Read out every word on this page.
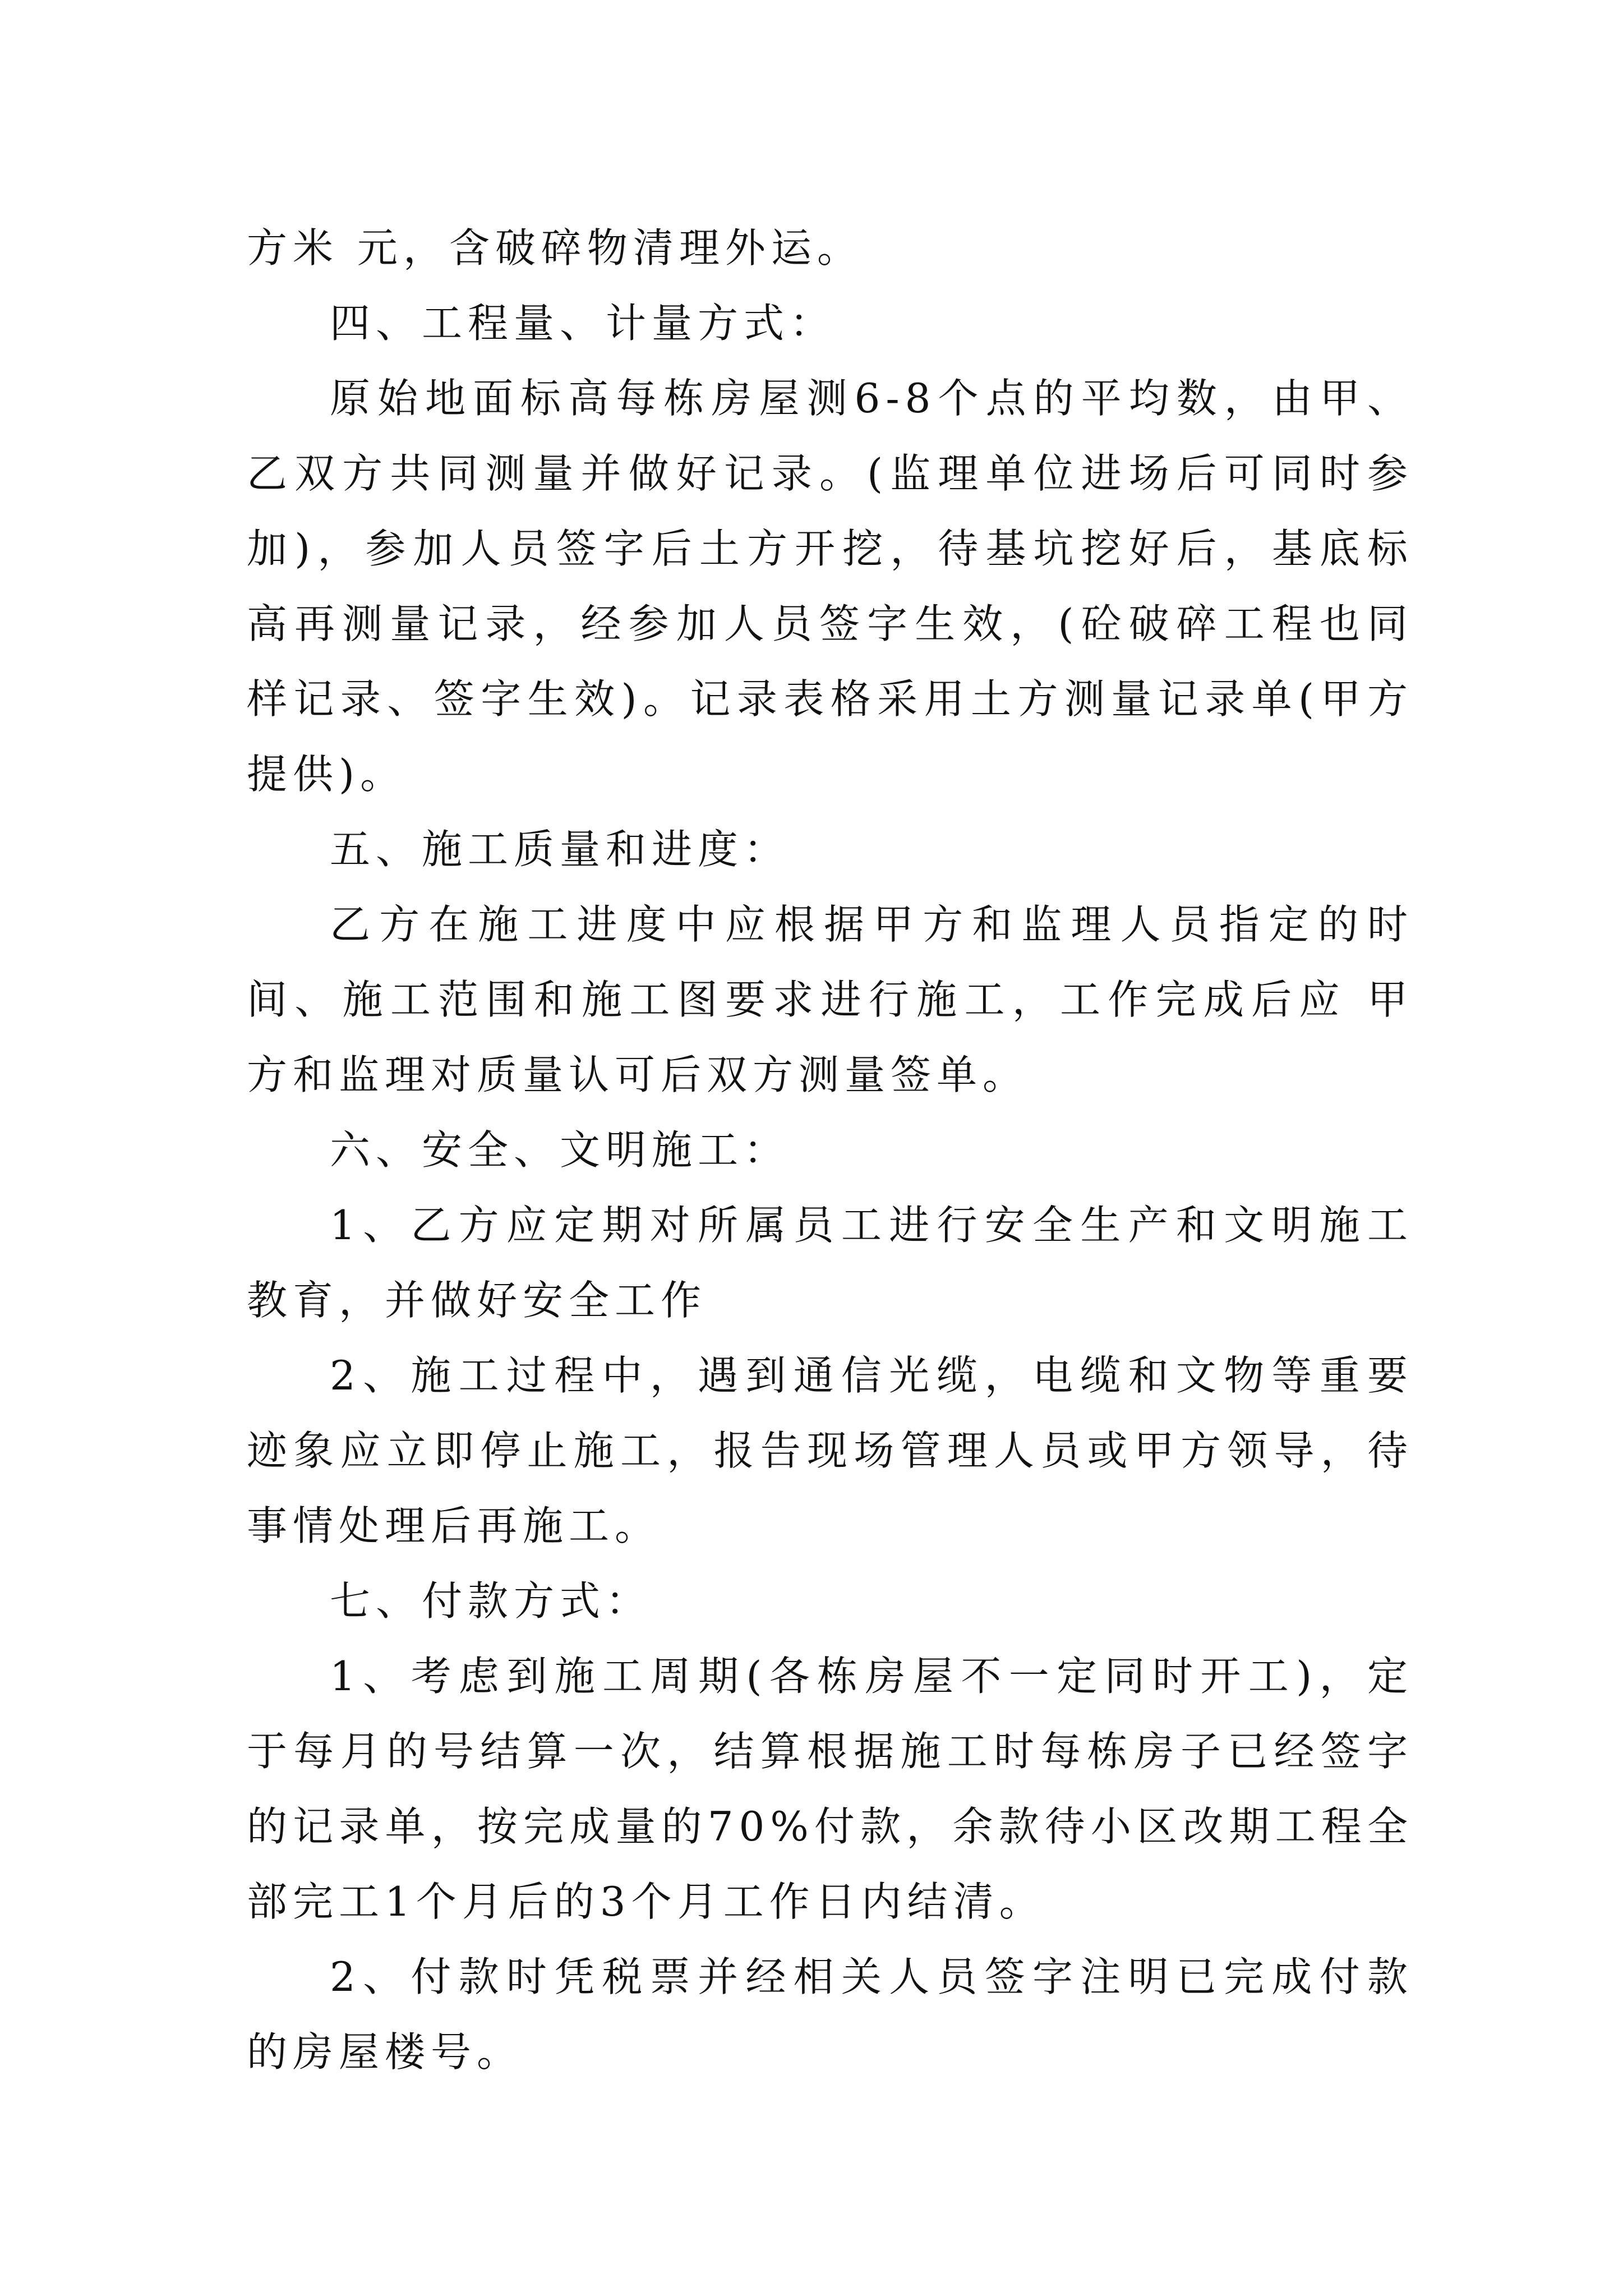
方米 元，含破碎物清理外运。

四、工程量、计量方式：

原始地面标高每栋房屋测6-8个点的平均数，由甲、乙双方共同测量并做好记录。(监理单位进场后可同时参加)，参加人员签字后土方开挖，待基坑挖好后，基底标高再测量记录，经参加人员签字生效，(砼破碎工程也同样记录、签字生效)。记录表格采用土方测量记录单(甲方提供)。

五、施工质量和进度：

乙方在施工进度中应根据甲方和监理人员指定的时间、施工范围和施工图要求进行施工，工作完成后应 甲方和监理对质量认可后双方测量签单。

六、安全、文明施工：

1、乙方应定期对所属员工进行安全生产和文明施工教育，并做好安全工作

2、施工过程中，遇到通信光缆，电缆和文物等重要迹象应立即停止施工，报告现场管理人员或甲方领导，待事情处理后再施工。

七、付款方式：

1、考虑到施工周期(各栋房屋不一定同时开工)，定于每月的号结算一次，结算根据施工时每栋房子已经签字的记录单，按完成量的70%付款，余款待小区改期工程全部完工1个月后的3个月工作日内结清。

2、付款时凭税票并经相关人员签字注明已完成付款的房屋楼号。
